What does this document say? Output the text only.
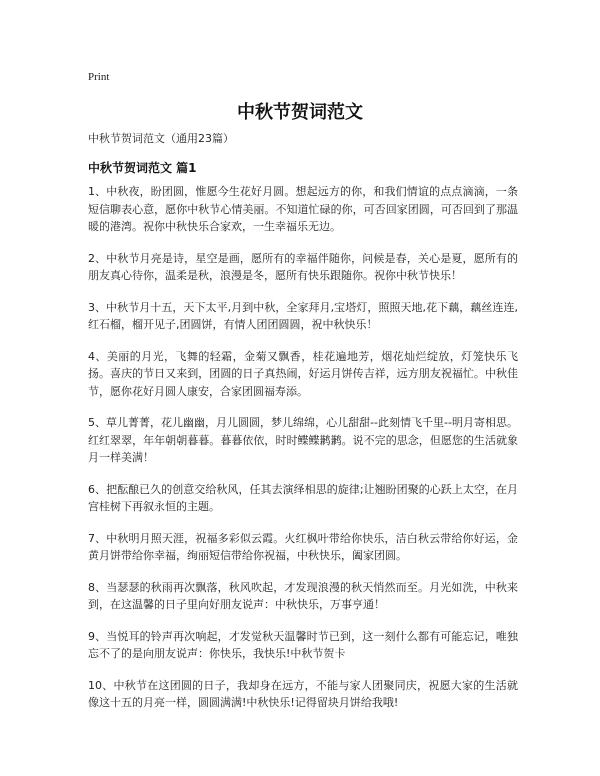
Print
中秋节贺词范文

中秋节贺词范文（通用23篇）

中秋节贺词范文 篇1

1、中秋夜，盼团圆，惟愿今生花好月圆。想起远方的你，和我们情谊的点点滴滴，一条短信聊表心意，愿你中秋节心情美丽。不知道忙碌的你，可否回家团圆，可否回到了那温暖的港湾。祝你中秋快乐合家欢，一生幸福乐无边。

2、中秋节月亮是诗，星空是画，愿所有的幸福伴随你，问候是春，关心是夏，愿所有的朋友真心待你，温柔是秋，浪漫是冬，愿所有快乐跟随你。祝你中秋节快乐！

3、中秋节月十五，天下太平,月到中秋，全家拜月,宝塔灯，照照天地,花下藕，藕丝连连,红石榴，榴开见子,团圆饼，有情人团团圆圆，祝中秋快乐！

4、美丽的月光，飞舞的轻霜，金菊又飘香，桂花遍地芳，烟花灿烂绽放，灯笼快乐飞扬。喜庆的节日又来到，团圆的日子真热闹，好运月饼传吉祥，远方朋友祝福忙。中秋佳节，愿你花好月圆人康安，合家团圆福寿添。

5、草儿菁菁，花儿幽幽，月儿圆圆，梦儿绵绵，心儿甜甜--此刻情飞千里--明月寄相思。红红翠翠，年年朝朝暮暮。暮暮依依，时时鲽鲽鹣鹣。说不完的思念，但愿您的生活就象月一样美满！

6、把酝酿已久的创意交给秋风，任其去演绎相思的旋律;让翘盼团聚的心跃上太空，在月宫桂树下再叙永恒的主题。

7、中秋明月照天涯，祝福多彩似云霞。火红枫叶带给你快乐，洁白秋云带给你好运，金黄月饼带给你幸福，绚丽短信带给你祝福，中秋快乐，阖家团圆。

8、当瑟瑟的秋雨再次飘落，秋风吹起，才发现浪漫的秋天悄然而至。月光如洗，中秋来到，在这温馨的日子里向好朋友说声：中秋快乐，万事亨通！

9、当悦耳的铃声再次响起，才发觉秋天温馨时节已到，这一刻什么都有可能忘记，唯独忘不了的是向朋友说声：你快乐，我快乐!中秋节贺卡

10、中秋节在这团圆的日子，我却身在远方，不能与家人团聚同庆，祝愿大家的生活就像这十五的月亮一样，圆圆满满!中秋快乐!记得留块月饼给我哦!
